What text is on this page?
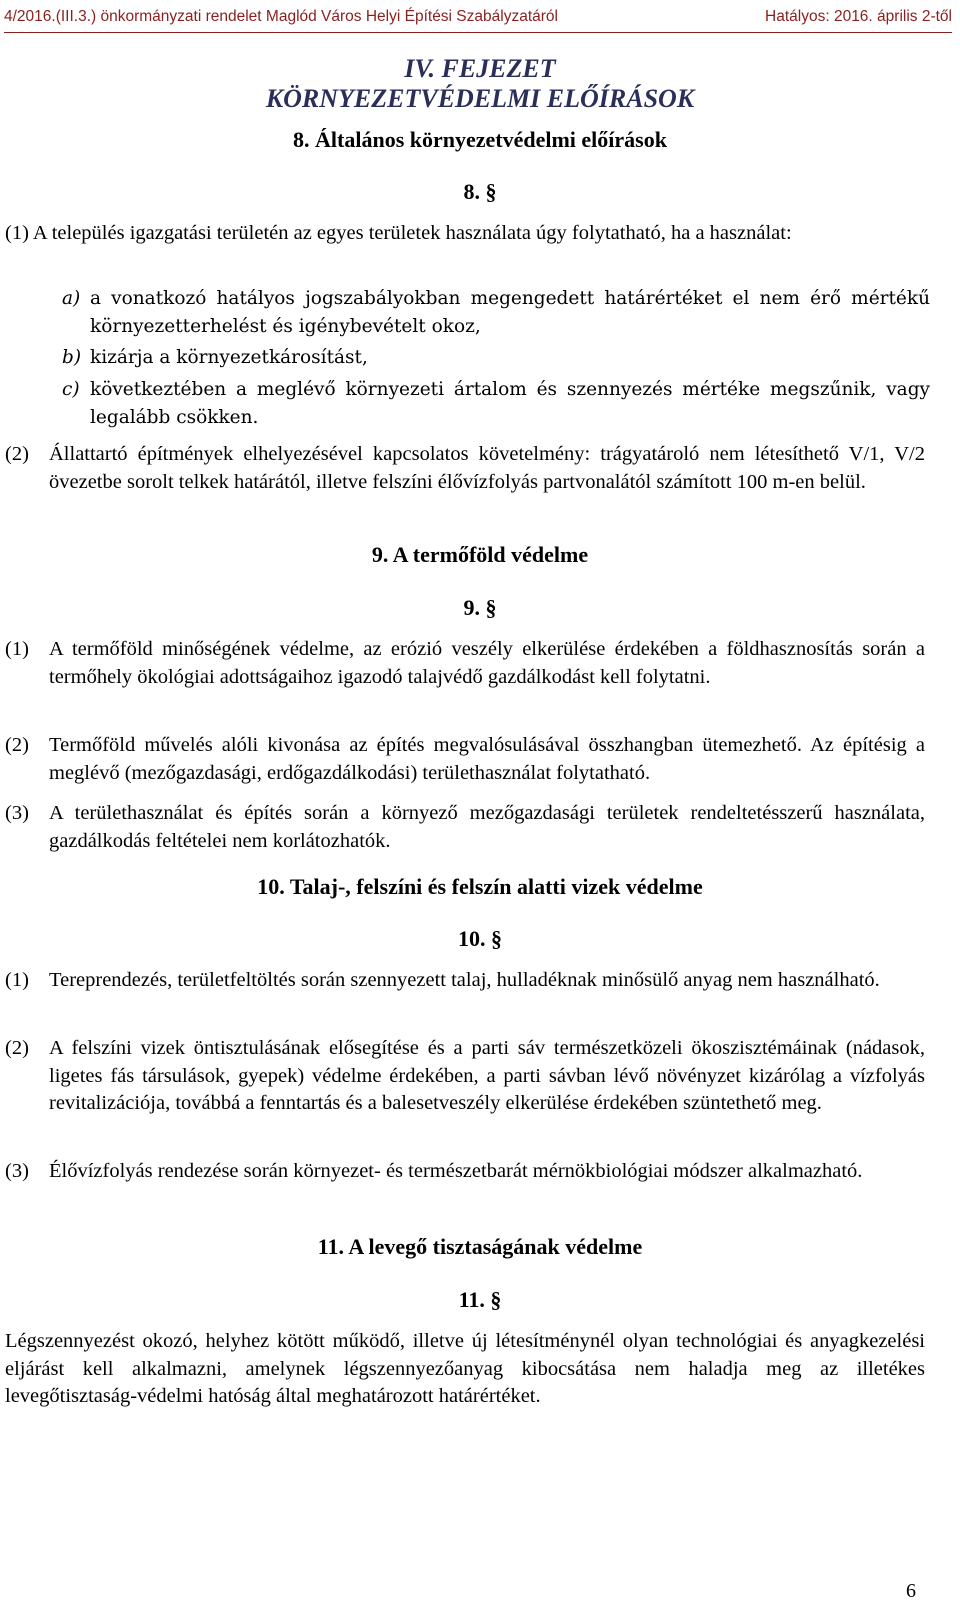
4/2016.(III.3.) önkormányzati rendelet Maglód Város Helyi Építési Szabályzatáról	Hatályos: 2016. április 2-től
IV. FEJEZET
KÖRNYEZETVÉDELMI ELŐÍRÁSOK
8. Általános környezetvédelmi előírások
8. §
(1) A település igazgatási területén az egyes területek használata úgy folytatható, ha a használat:
a) a vonatkozó hatályos jogszabályokban megengedett határértéket el nem érő mértékű környezetterhelést és igénybevételt okoz,
b) kizárja a környezetkárosítást,
c) következtében a meglévő környezeti ártalom és szennyezés mértéke megszűnik, vagy legalább csökken.
(2) Állattartó építmények elhelyezésével kapcsolatos követelmény: trágyatároló nem létesíthető V/1, V/2 övezetbe sorolt telkek határától, illetve felszíni élővízfolyás partvonalától számított 100 m-en belül.
9. A termőföld védelme
9. §
(1) A termőföld minőségének védelme, az erózió veszély elkerülése érdekében a földhasznosítás során a termőhely ökológiai adottságaihoz igazodó talajvédő gazdálkodást kell folytatni.
(2) Termőföld művelés alóli kivonása az építés megvalósulásával összhangban ütemezhető. Az építésig a meglévő (mezőgazdasági, erdőgazdálkodási) területhasználat folytatható.
(3) A területhasználat és építés során a környező mezőgazdasági területek rendeltetésszerű használata, gazdálkodás feltételei nem korlátozhatók.
10. Talaj-, felszíni és felszín alatti vizek védelme
10. §
(1) Tereprendezés, területfeltöltés során szennyezett talaj, hulladéknak minősülő anyag nem használható.
(2) A felszíni vizek öntisztulásának elősegítése és a parti sáv természetközeli ökoszisztémáinak (nádasok, ligetes fás társulások, gyepek) védelme érdekében, a parti sávban lévő növényzet kizárólag a vízfolyás revitalizációja, továbbá a fenntartás és a balesetveszély elkerülése érdekében szüntethető meg.
(3) Élővízfolyás rendezése során környezet- és természetbarát mérnökbiológiai módszer alkalmazható.
11. A levegő tisztaságának védelme
11. §
Légszennyezést okozó, helyhez kötött működő, illetve új létesítménynél olyan technológiai és anyagkezelési eljárást kell alkalmazni, amelynek légszennyezőanyag kibocsátása nem haladja meg az illetékes levegőtisztaság-védelmi hatóság által meghatározott határértéket.
6
